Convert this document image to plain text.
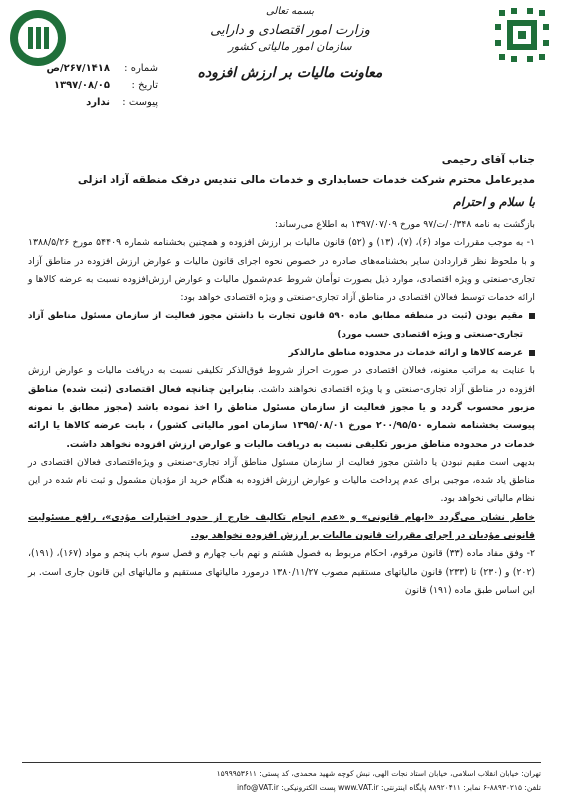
بسمه تعالی
وزارت امور اقتصادی و دارایی
سازمان امور مالیاتی کشور
معاونت مالیات بر ارزش افزوده
شماره :
۲۶۷/۱۴۱۸/ص
تاریخ :
۱۳۹۷/۰۸/۰۵
پیوست :
ندارد
جناب آقای رحیمی
مدیرعامل محترم شرکت خدمات حسابداری و خدمات مالی تندیس درفک منطقه آزاد انزلی
با سلام و احترام

بازگشت به نامه ۰/۳۴۸/ت/۹۷ مورخ ۱۳۹۷/۰۷/۰۹ به اطلاع می‌رساند:

۱- به موجب مقررات مواد (۶)، (۷)، (۱۳) و (۵۲) قانون مالیات بر ارزش افزوده و همچنین بخشنامه شماره ۵۴۴۰۹ مورخ ۱۳۸۸/۵/۲۶ و با ملحوظ نظر قراردادن سایر بخشنامه‌های صادره در خصوص نحوه اجرای قانون مالیات و عوارض ارزش افزوده در مناطق آزاد تجاری-صنعتی و ویژه اقتصادی، موارد ذیل بصورت توأمان شروط عدم‌شمول مالیات و عوارض ارزش‌افزوده نسبت به عرضه کالاها و ارائه خدمات توسط فعالان اقتصادی در مناطق آزاد تجاری-صنعتی و ویژه اقتصادی خواهد بود:

مقیم بودن (ثبت در منطقه مطابق ماده ۵۹۰ قانون تجارت با داشتن مجوز فعالیت از سازمان مسئول مناطق آزاد تجاری-صنعتی و ویژه اقتصادی حسب مورد)

عرضه کالاها و ارائه خدمات در محدوده مناطق مارالذکر

با عنایت به مراتب معنونه، فعالان اقتصادی در صورت احراز شروط فوق‌الذکر تکلیفی نسبت به دریافت مالیات و عوارض ارزش افزوده در مناطق آزاد تجاری-صنعتی و یا ویژه اقتصادی نخواهند داشت. بنابراین چنانچه فعال اقتصادی (ثبت شده) مناطق مزبور محسوب گردد و یا مجوز فعالیت از سازمان مسئول مناطق را اخذ نموده باشد (مجوز مطابق با نمونه پیوست بخشنامه شماره ۲۰۰/۹۵/۵۰ مورخ ۱۳۹۵/۰۸/۰۱ سازمان امور مالیاتی کشور) ، بابت عرضه کالاها یا ارائه خدمات در محدوده مناطق مزبور تکلیفی نسبت به دریافت مالیات و عوارض ارزش افزوده نخواهد داشت.

بدیهی است مقیم نبودن یا داشتن مجوز فعالیت از سازمان مسئول مناطق آزاد تجاری-صنعتی و ویژه‌اقتصادی فعالان اقتصادی در مناطق یاد شده، موجبی برای عدم پرداخت مالیات و عوارض ارزش افزوده به هنگام خرید از مؤدیان مشمول و ثبت نام شده در این نظام مالیاتی نخواهد بود.

خاطر نشان می‌گردد «ابهام قانونی» و «عدم انجام تکالیف خارج از حدود اختیارات مؤدی»، رافع مسئولیت قانونی مؤدیان در اجرای مقررات قانون مالیات بر ارزش افزوده نخواهد بود.

۲- وفق مفاد ماده (۳۳) قانون مرقوم، احکام مربوط به فصول هشتم و نهم باب چهارم و فصل سوم باب پنجم و مواد (۱۶۷)، (۱۹۱)، (۲۰۲) و (۲۳۰) تا (۲۳۳) قانون مالیاتهای مستقیم مصوب ۱۳۸۰/۱۱/۲۷ درمورد مالیاتهای مستقیم و مالیاتهای این قانون جاری است. بر این اساس طبق ماده (۱۹۱) قانون

تهران: خیابان انقلاب اسلامی، خیابان استاد نجات الهی، نبش کوچه شهید محمدی، کد پستی: ۱۵۹۹۹۵۳۶۱۱
تلفن: ۸۸۹۳۰۲۱۵-۶ نمابر: ۸۸۹۲۰۴۱۱ پایگاه اینترنتی: www.VAT.ir پست الکترونیکی: info@VAT.ir
